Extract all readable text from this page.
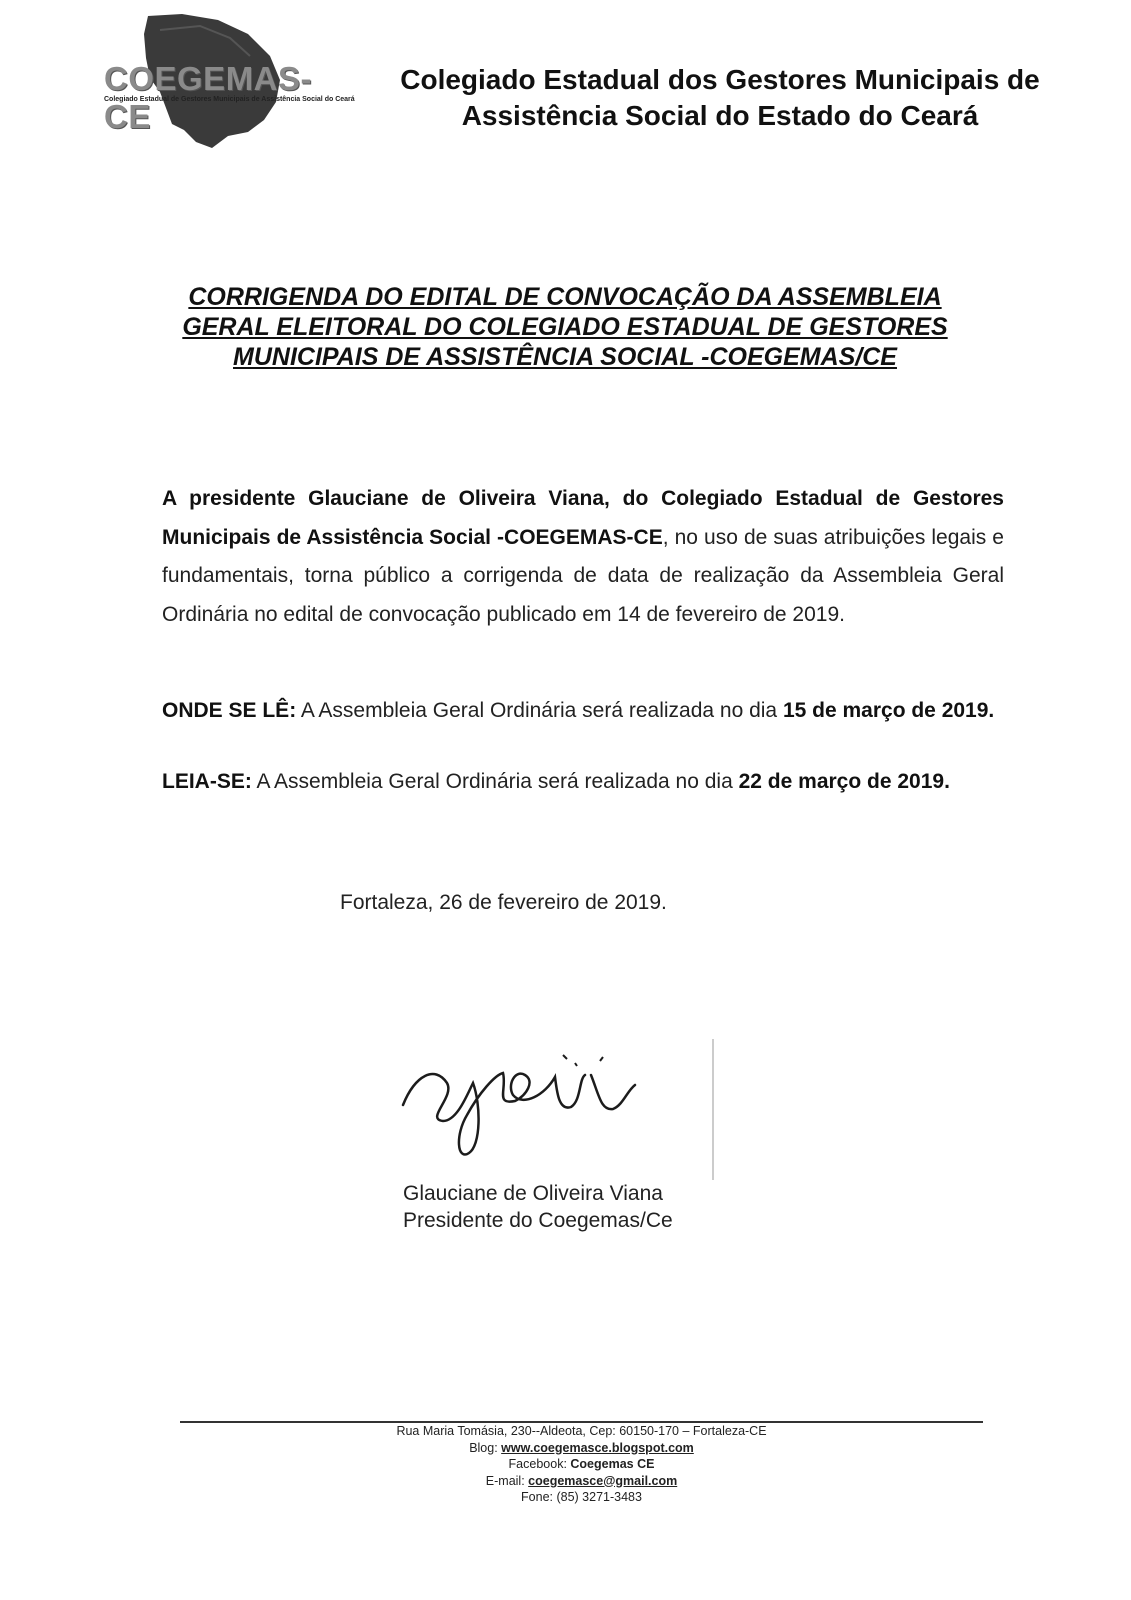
COEGEMAS-CE
Colegiado Estadual de Gestores Municipais de Assistência Social do Ceará
Colegiado Estadual dos Gestores Municipais de
Assistência Social do Estado do Ceará
CORRIGENDA DO EDITAL DE CONVOCAÇÃO DA ASSEMBLEIA
GERAL ELEITORAL DO COLEGIADO ESTADUAL DE GESTORES
MUNICIPAIS DE ASSISTÊNCIA SOCIAL -COEGEMAS/CE
A presidente Glauciane de Oliveira Viana, do Colegiado Estadual de Gestores Municipais de Assistência Social -COEGEMAS-CE, no uso de suas atribuições legais e fundamentais, torna público a corrigenda de data de realização da Assembleia Geral Ordinária no edital de convocação publicado em 14 de fevereiro de 2019.
ONDE SE LÊ: A Assembleia Geral Ordinária será realizada no dia 15 de março de 2019.
LEIA-SE: A Assembleia Geral Ordinária será realizada no dia 22 de março de 2019.
Fortaleza, 26 de fevereiro de 2019.
Glauciane de Oliveira Viana
Presidente do Coegemas/Ce
Rua Maria Tomásia, 230--Aldeota, Cep: 60150-170 – Fortaleza-CE
Blog: www.coegemasce.blogspot.com
Facebook: Coegemas CE
E-mail: coegemasce@gmail.com
Fone: (85) 3271-3483
